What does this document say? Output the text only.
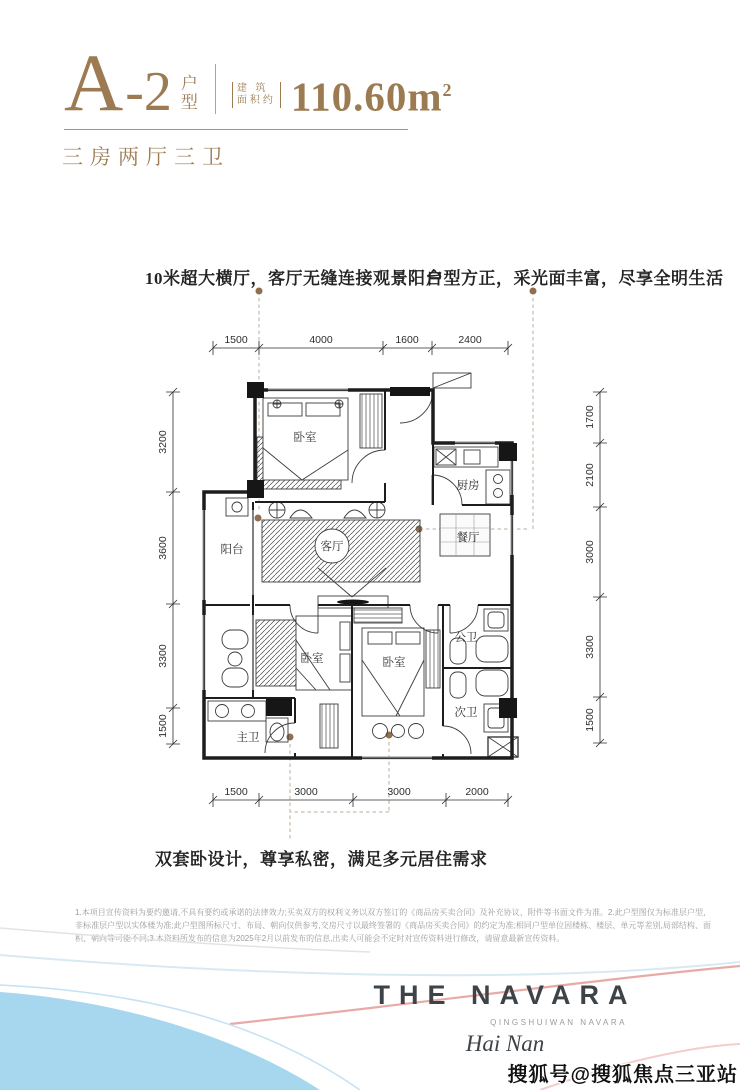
A -2 户
型
建 筑
面积约 $110.60m^2$
三房两厅三卫
10米超大横厅，客厅无缝连接观景阳台
户型方正，采光面丰富，尽享全明生活
双套卧设计，尊享私密，满足多元居住需求
1500	4000	1600	2400
1500	3000	3000	2000
3200
3600
3300
1500
1700
2100
3000
3300
1500
卧室
厨房
餐厅
客厅
阳台
卧室	卧室
公卫
次卫
主卫
1.本项目宣传资料为要约邀请,不具有要约或承诺的法律效力;买卖双方的权利义务以双方签订的《商品房买卖合同》及补充协议、附件等书面文件为准。2.此户型图仅为标准层户型，非标准层户型以实体楼为准;此户型图所标尺寸、布局、朝向仅供参考,交房尺寸以最终签署的《商品房买卖合同》的约定为准;相同户型单位因楼栋、楼层、单元等差别,局部结构、面积、朝向等可能不同;3.本资料所发布的信息为2025年2月以前发布的信息,出卖人可能会不定时对宣传资料进行修改，请留意最新宣传资料。
THE NAVARA
QINGSHUIWAN NAVARA
Hai Nan
搜狐号@搜狐焦点三亚站
